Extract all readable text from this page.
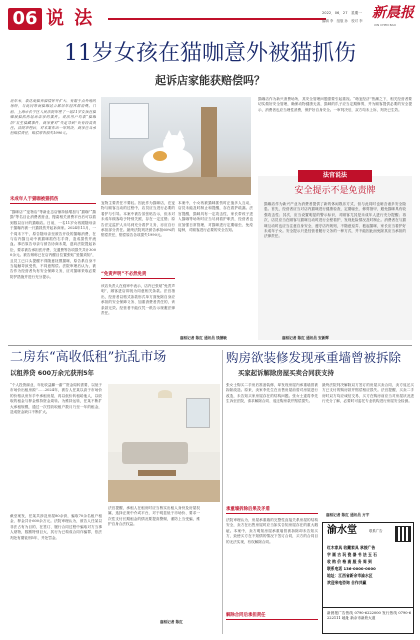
06 说 法	2022．06．27　星期一
编辑 李　组版 孙　校对 李 新晨报
XIN CHEN BAO
11岁女孩在猫咖意外被猫抓伤
起诉店家能获赔偿吗？
近年来，表达爱猫养猫情怀并扩大、有限于点外地的场所，与此同等而猫咖适合都居年轻客群消费。日前，上海市长宁区人民法院审理了一起11岁女孩在猫咖被猫抓伤起诉店家的案件。说法用户均表“猫咖馆”发生猫藏事件，商家要对“失足导致”负有较高责任。法院审理后，对本案作出一审判决，商家应当承担赔偿责任，赔偿原告损失1990元。
未成年人于猫咖被猫抓伤
“猫咪店”“宠物店”等新业态店铺持续增加与“猫咖”“撸猫”等名目让消费者营业，搜索相关消费平台后可以看到数以百计的猫咖店。日前，一名11岁女孩跟随母亲于猫咖内被一只猫抓伤并起诉商家。2024年11月，一个周末下午，原告随母亲至被告开设的猫咖消费，在与店内猫互动中被猫咪抓伤右手背，造成损伤并流血。事后原告母亲与被告协商未果，遂向法院提起诉讼，要求被告承担医疗费、交通费等各项损失共计3000余元。被告辩称已在店内醒目位置张贴“爱猫须知”，且员工已口头提醒不得随意抚摸猫咪，原告系自身不当接触导致受伤，不同意赔偿。法院审理后认为，被告作为经营者负有安全保障义务，应对猫咪采取必要防护措施并进行充分提示。
宠物主要责任不要轻。因此作为猫咪店，在宠物与顾客互动的过程中，店员应当进行必要的看护与引导。本案中被告虽张贴告示，但未对未成年顾客给予特别关照，存在一定过错；原告法定监护人未尽到充分看护义务，亦应自行承担部分责任。最终法院判决被告承担60%的赔偿责任，赔偿原告各项损失1990元。
“免责声明”不必然免责
该店负责人在庭审中表示，店内已张贴“免责声明”，顾客进店即视为同意相关条款。法官指出，经营者以格式条款形式单方面免除自身应承担的安全保障义务、加重消费者责任的，该条款无效。经营者不能仅凭一纸告示规避法律责任。
本案中，小女孩被猫咪抓伤时正值多人互动，店员未能及时制止和提醒，存在看护疏漏。法官提醒，猫咪具有一定攻击性，家长带孩子进入猫咖等场所时应当尽到看护职责，经营者也应加强日常管理，对猫咪进行定期驱虫、免疫接种，对顾客进行必要的安全告知。
猫咖店作为新兴消费场所，其安全管理问题需要引起重视。“萌宠经济”热潮之下，相关经营者要切实做好安全管理，确保动物健康无害，猫咪的爪子应当定期修剪，并为顾客提供必要的安全提示，消费者也应当理性消费，保护好自身安全。一审判决后，双方均未上诉，判决已生效。
法官说法
安全提示不是免责牌
猫咖店作为新兴产业为消费者提供了新的休闲娱乐方式，但与此同时也暗含诸多安全隐患。首先，经营者应当对店内猫咪进行健康检查，定期驱虫、修剪指甲，避免猫咪具有较强攻击性；其次，应当设置明显的警示标识，对顾客尤其是未成年人进行充分提醒；再次，店员应当在顾客与猫咪互动时进行全程看护，发现危险情况及时制止。消费者在与猫咪互动时也应当注意自身安全，遵守店内规则，不随意逗弄、抱起猫咪，家长应当看护好未成年子女。安全提示只是经营者履行义务的一种方式，并不能因此而免除其应当承担的法律责任。
鹿柏记者 陈红 通讯员 安新辉
鹿柏记者 陈红 通讯员 钱德敏
二房东“高收低租”抗乱市场
以租养贷 600万余元获刑5年
“个人投资副业，年化收益翻一番”“资金周转需要，以低于市场价出租房源”……2024年，被告人任某以高于市场价的价格从房东手中承租房屋，再以低价转租给他人，以收取的租金与押金维持资金周转。为维持运转，任某不断扩大承租规模，通过一次性收取租户数月乃至一年的租金，造成资金缺口不断扩大。
截至案发，任某共涉及房屋80余套，骗取70余名租户租金、押金共计600余万元。法院审理认为，被告人任某以非法占有为目的，在签订、履行合同过程中骗取对方当事人财物，数额特别巨大，其行为已构成合同诈骗罪，依法判处有期徒刑5年，并处罚金。
法官提醒，承租人在租房时应当核实出租人身份及房屋权属，选择正规中介或平台，对于明显低于市场价、要求一次性支付长期租金的情况要提高警惕，谨防上当受骗，维护自身合法权益。
鹿柏记者 陈红
购房欲装修发现承重墙曾被拆除
买家起诉解除房屋买卖合同获支持
张女士购买二手房后准备装修，却发现房屋内承重墙曾被拆除改造。原来，卖家李先生在出售房屋前曾对房屋进行改造，未告知买家房屋存在的结构问题。张女士遂将李先生诉至法院，请求解除合同、返还购房款并赔偿损失。
承重墙拆除后果及矛盾
法院审理认为，房屋承重墙的完整性直接关系房屋的结构安全，卖方在出售房屋时应当如实告知房屋存在的重大瑕疵。本案中，卖方明知房屋承重墙曾被拆除却未告知买方，致使买方在不知情的情况下签订合同，买方的合同目的无法实现，有权解除合同。
解除合同后承担责任
最终法院判决解除双方签订的房屋买卖合同，卖方返还买方已支付的购房款并赔偿相应损失。法官提醒，买卖二手房时双方均应诚信交易，买方在购房前应当对房屋状况进行充分了解，必要时可委托专业机构进行房屋安全检测。
鹿柏记者 陈红 通讯员 方宇
渝水堂	联系广告
红木家具 收藏家具 承接广告
字 画 古 玩 瓷 器 书 法 玉 石
收 购 价 格 高 服 务 周 到
联系电话 136-0000-0000
地址：江西省新余市渝水区
欢迎来电咨询 合作共赢
新晨报广告热线 0790-6222000 发行热线 0790-6222111 地址 新余市新欣大道
